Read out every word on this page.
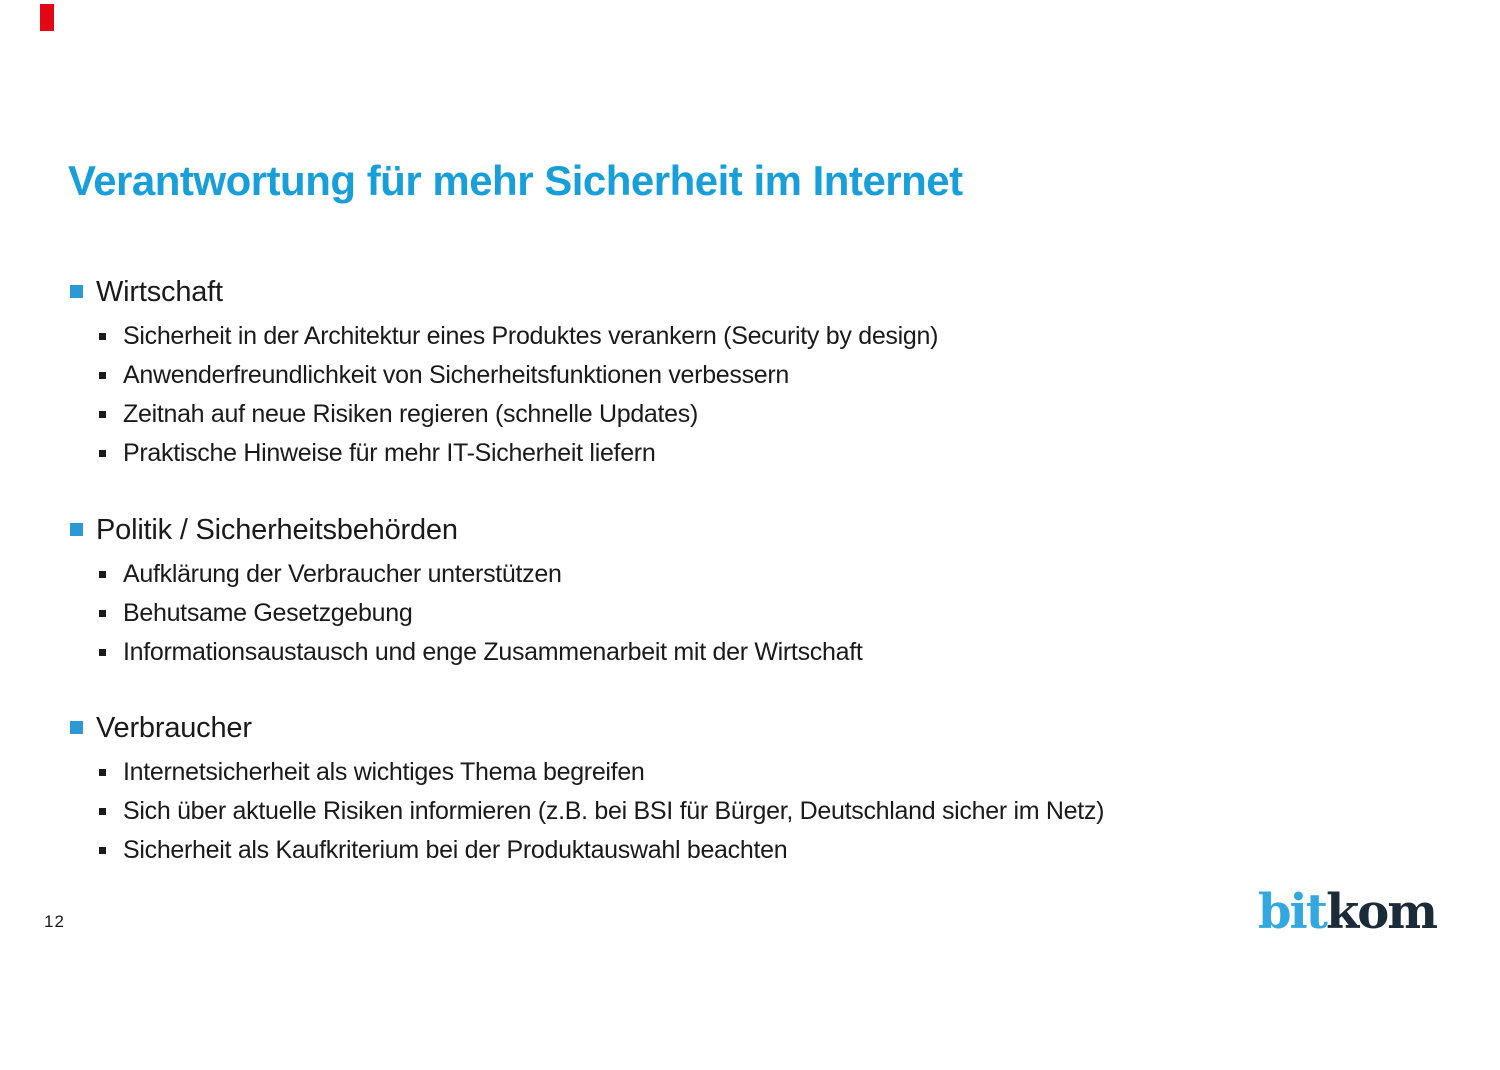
Verantwortung für mehr Sicherheit im Internet
Wirtschaft
Sicherheit in der Architektur eines Produktes verankern (Security by design)
Anwenderfreundlichkeit von Sicherheitsfunktionen verbessern
Zeitnah auf neue Risiken regieren (schnelle Updates)
Praktische Hinweise für mehr IT-Sicherheit liefern
Politik / Sicherheitsbehörden
Aufklärung der Verbraucher unterstützen
Behutsame Gesetzgebung
Informationsaustausch und enge Zusammenarbeit mit der Wirtschaft
Verbraucher
Internetsicherheit als wichtiges Thema begreifen
Sich über aktuelle Risiken informieren (z.B. bei BSI für Bürger, Deutschland sicher im Netz)
Sicherheit als Kaufkriterium bei der Produktauswahl beachten
12	bitkom
